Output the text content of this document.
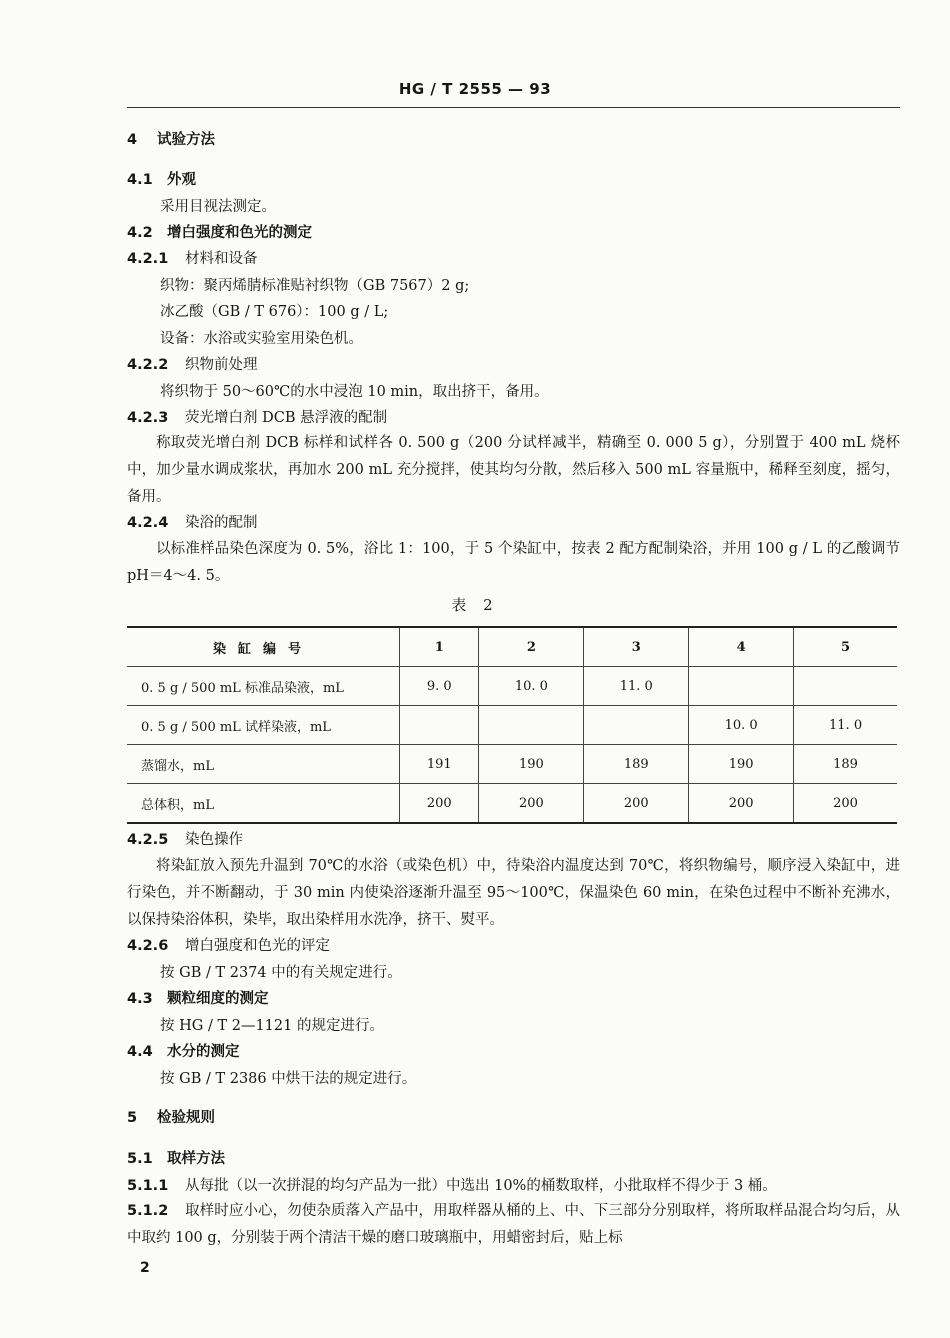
HG / T 2555 — 93
4 试验方法
4.1 外观
采用目视法测定。
4.2 增白强度和色光的测定
4.2.1 材料和设备
织物：聚丙烯腈标准贴衬织物（GB 7567）2 g;
冰乙酸（GB / T 676）：100 g / L;
设备：水浴或实验室用染色机。
4.2.2 织物前处理
将织物于 50～60℃的水中浸泡 10 min，取出挤干，备用。
4.2.3 荧光增白剂 DCB 悬浮液的配制
称取荧光增白剂 DCB 标样和试样各 0. 500 g（200 分试样减半，精确至 0. 000 5 g），分别置于 400 mL 烧杯中，加少量水调成浆状，再加水 200 mL 充分搅拌，使其均匀分散，然后移入 500 mL 容量瓶中，稀释至刻度，摇匀，备用。
4.2.4 染浴的配制
以标准样品染色深度为 0. 5%，浴比 1：100，于 5 个染缸中，按表 2 配方配制染浴，并用 100 g / L 的乙酸调节 pH＝4～4. 5。
表 2
染缸编号	1	2	3	4	5
0. 5 g / 500 mL 标准品染液，mL	9. 0	10. 0	11. 0		
0. 5 g / 500 mL 试样染液，mL				10. 0	11. 0
蒸馏水，mL	191	190	189	190	189
总体积，mL	200	200	200	200	200
4.2.5 染色操作
将染缸放入预先升温到 70℃的水浴（或染色机）中，待染浴内温度达到 70℃，将织物编号，顺序浸入染缸中，进行染色，并不断翻动，于 30 min 内使染浴逐渐升温至 95～100℃，保温染色 60 min，在染色过程中不断补充沸水，以保持染浴体积，染毕，取出染样用水洗净，挤干、熨平。
4.2.6 增白强度和色光的评定
按 GB / T 2374 中的有关规定进行。
4.3 颗粒细度的测定
按 HG / T 2—1121 的规定进行。
4.4 水分的测定
按 GB / T 2386 中烘干法的规定进行。
5 检验规则
5.1 取样方法
5.1.1 从每批（以一次拼混的均匀产品为一批）中选出 10%的桶数取样，小批取样不得少于 3 桶。
5.1.2 取样时应小心，勿使杂质落入产品中，用取样器从桶的上、中、下三部分分别取样，将所取样品混合均匀后，从中取约 100 g，分别装于两个清洁干燥的磨口玻璃瓶中，用蜡密封后，贴上标
2
